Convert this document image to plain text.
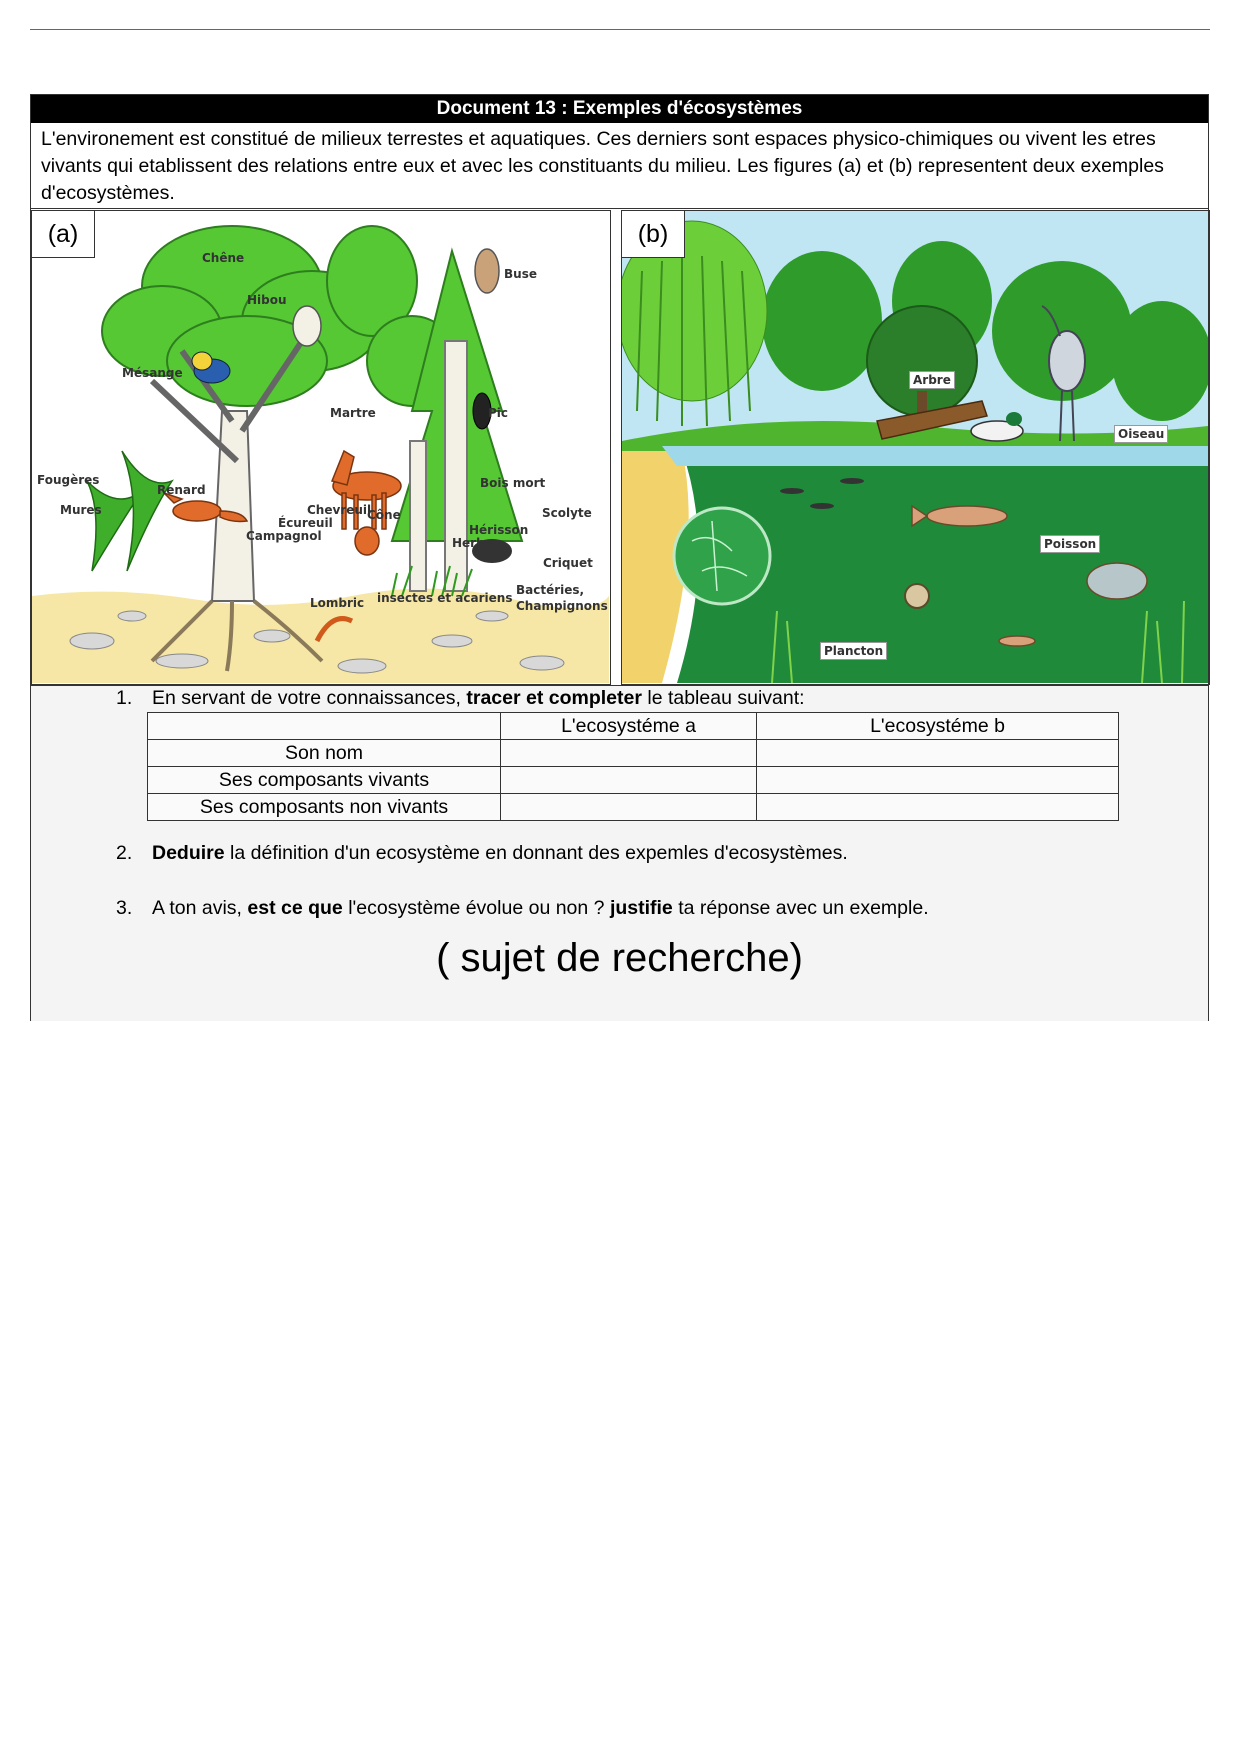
Document 13 : Exemples d'écosystèmes
L'environement est constitué de milieux terrestes et aquatiques. Ces derniers sont espaces physico-chimiques ou vivent les etres vivants qui etablissent des relations entre eux et avec les constituants du milieu. Les figures (a) et (b) representent deux exemples d'ecosystèmes.
(a)
Chêne
Hibou
Buse
Mésange
Martre	Pic
Fougères
Renard
Mures	Chevreuil
Cône
Bois mort
Écureuil
Campagnol	Hérisson
Scolyte
Herbe
Criquet
Bactéries,
Champignons
Lombric insectes et acariens
(b)
Arbre
Oiseau
Poisson
Plancton
1. En servant de votre connaissances, tracer et completer le tableau suivant:
	L'ecosystéme a	L'ecosystéme b
Son nom		
Ses composants vivants		
Ses composants non vivants		
2. Deduire la définition d'un ecosystème en donnant des expemles d'ecosystèmes.
3. A ton avis, est ce que l'ecosystème évolue ou non ? justifie ta réponse avec un exemple.
( sujet de recherche)
